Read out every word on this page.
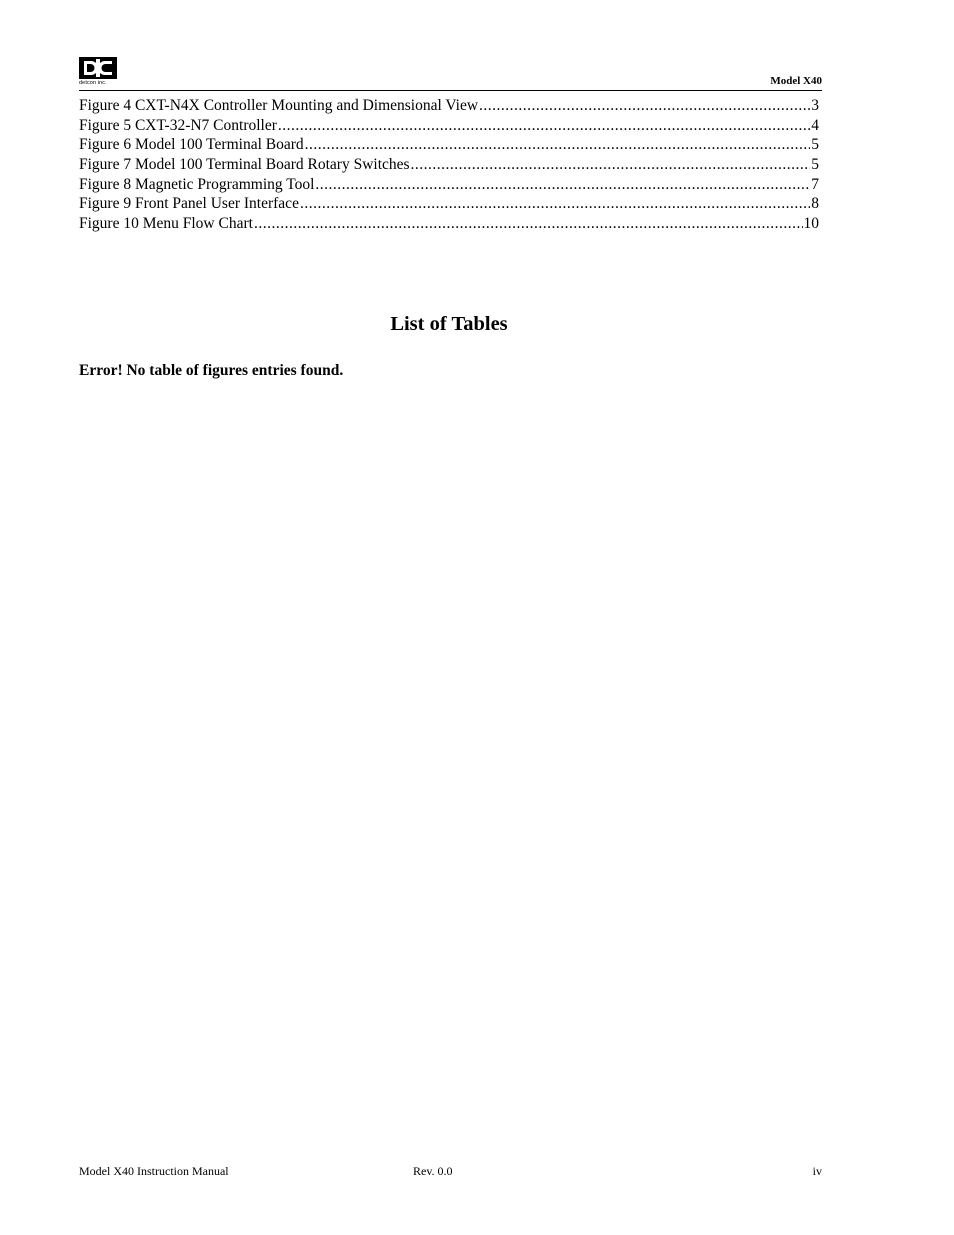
detcon inc.	Model X40
Figure 4 CXT-N4X Controller Mounting and Dimensional View .....	3
Figure 5 CXT-32-N7 Controller .....	4
Figure 6 Model 100 Terminal Board .....	5
Figure 7 Model 100 Terminal Board Rotary Switches .....	5
Figure 8 Magnetic Programming Tool .....	7
Figure 9 Front Panel User Interface .....	8
Figure 10 Menu Flow Chart .....	10
List of Tables

Error! No table of figures entries found.

Model X40 Instruction Manual	Rev. 0.0	iv
